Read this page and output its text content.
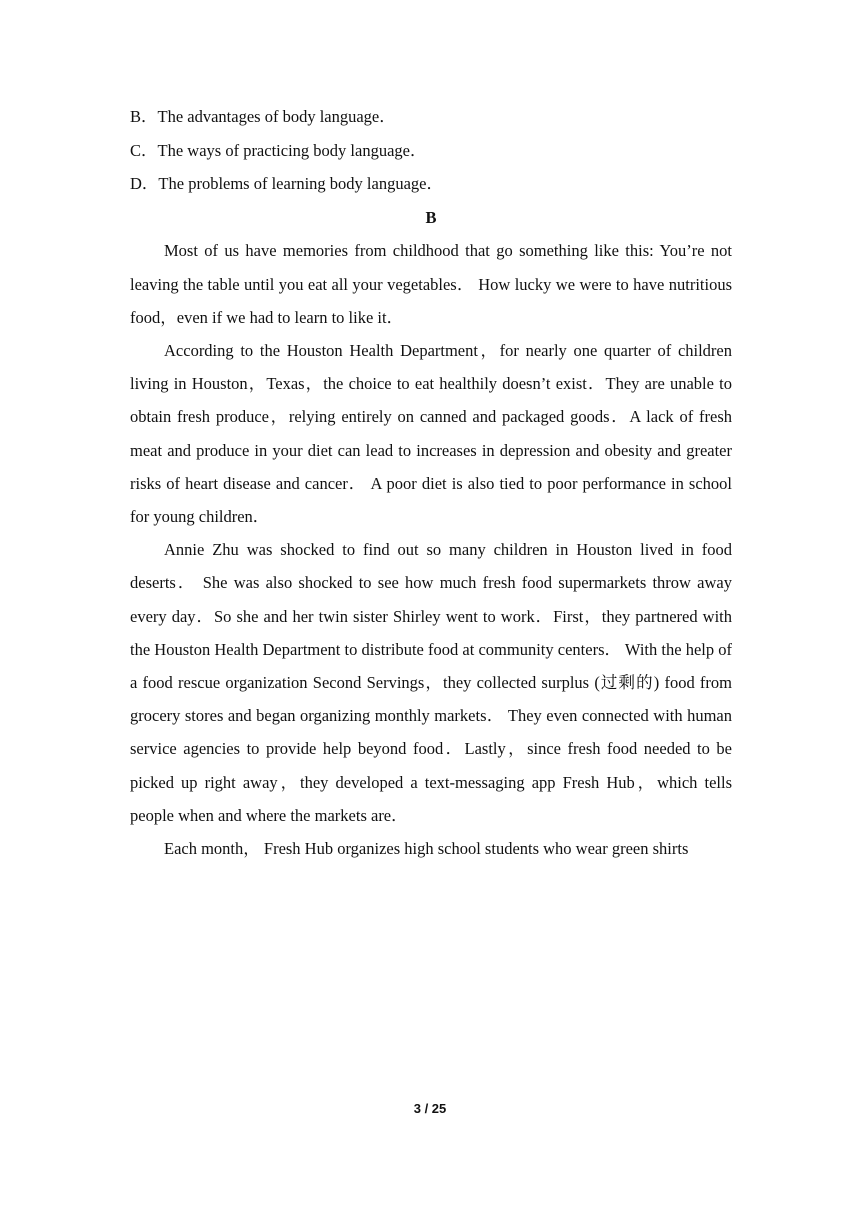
B．The advantages of body language．

C．The ways of practicing body language．

D．The problems of learning body language．

B

Most of us have memories from childhood that go something like this: You’re not leaving the table until you eat all your vegetables． How lucky we were to have nutritious food，even if we had to learn to like it．

According to the Houston Health Department，for nearly one quarter of children living in Houston，Texas，the choice to eat healthily doesn’t exist．They are unable to obtain fresh produce，relying entirely on canned and packaged goods．A lack of fresh meat and produce in your diet can lead to increases in depression and obesity and greater risks of heart disease and cancer． A poor diet is also tied to poor performance in school for young children．

Annie Zhu was shocked to find out so many children in Houston lived in food deserts． She was also shocked to see how much fresh food supermarkets throw away every day．So she and her twin sister Shirley went to work．First，they partnered with the Houston Health Department to distribute food at community centers． With the help of a food rescue organization Second Servings，they collected surplus (过剩的) food from grocery stores and began organizing monthly markets． They even connected with human service agencies to provide help beyond food．Lastly，since fresh food needed to be picked up right away，they developed a text-messaging app Fresh Hub，which tells people when and where the markets are．

Each month， Fresh Hub organizes high school students who wear green shirts

3 / 25
